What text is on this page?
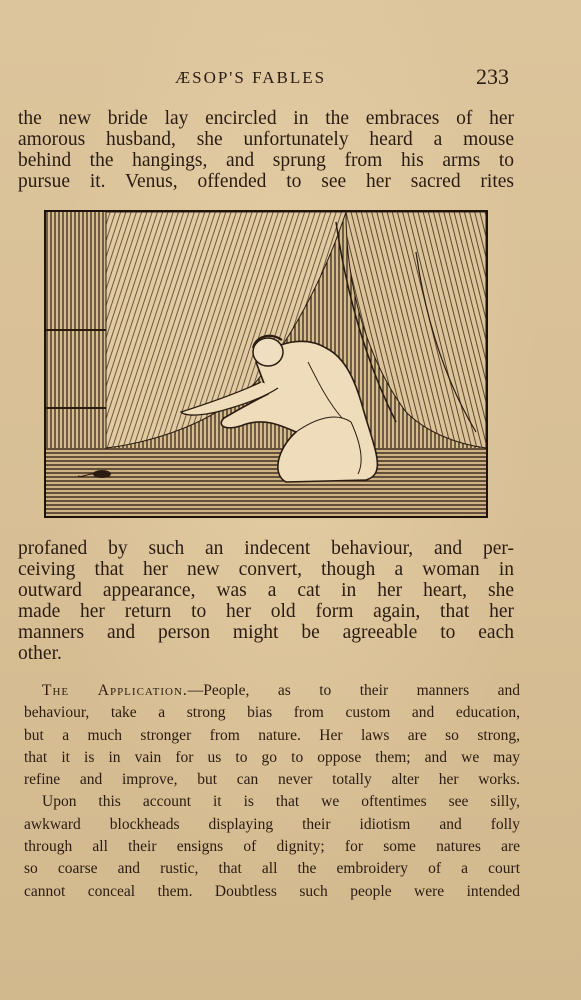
ÆSOP'S FABLES	233
the new bride lay encircled in the embraces of her
amorous husband, she unfortunately heard a mouse
behind the hangings, and sprung from his arms to
pursue it. Venus, offended to see her sacred rites
profaned by such an indecent behaviour, and per-
ceiving that her new convert, though a woman in
outward appearance, was a cat in her heart, she
made her return to her old form again, that her
manners and person might be agreeable to each
other.
The Application.—People, as to their manners and
behaviour, take a strong bias from custom and education,
but a much stronger from nature. Her laws are so strong,
that it is in vain for us to go to oppose them; and we may
refine and improve, but can never totally alter her works.
Upon this account it is that we oftentimes see silly,
awkward blockheads displaying their idiotism and folly
through all their ensigns of dignity; for some natures are
so coarse and rustic, that all the embroidery of a court
cannot conceal them. Doubtless such people were intended
